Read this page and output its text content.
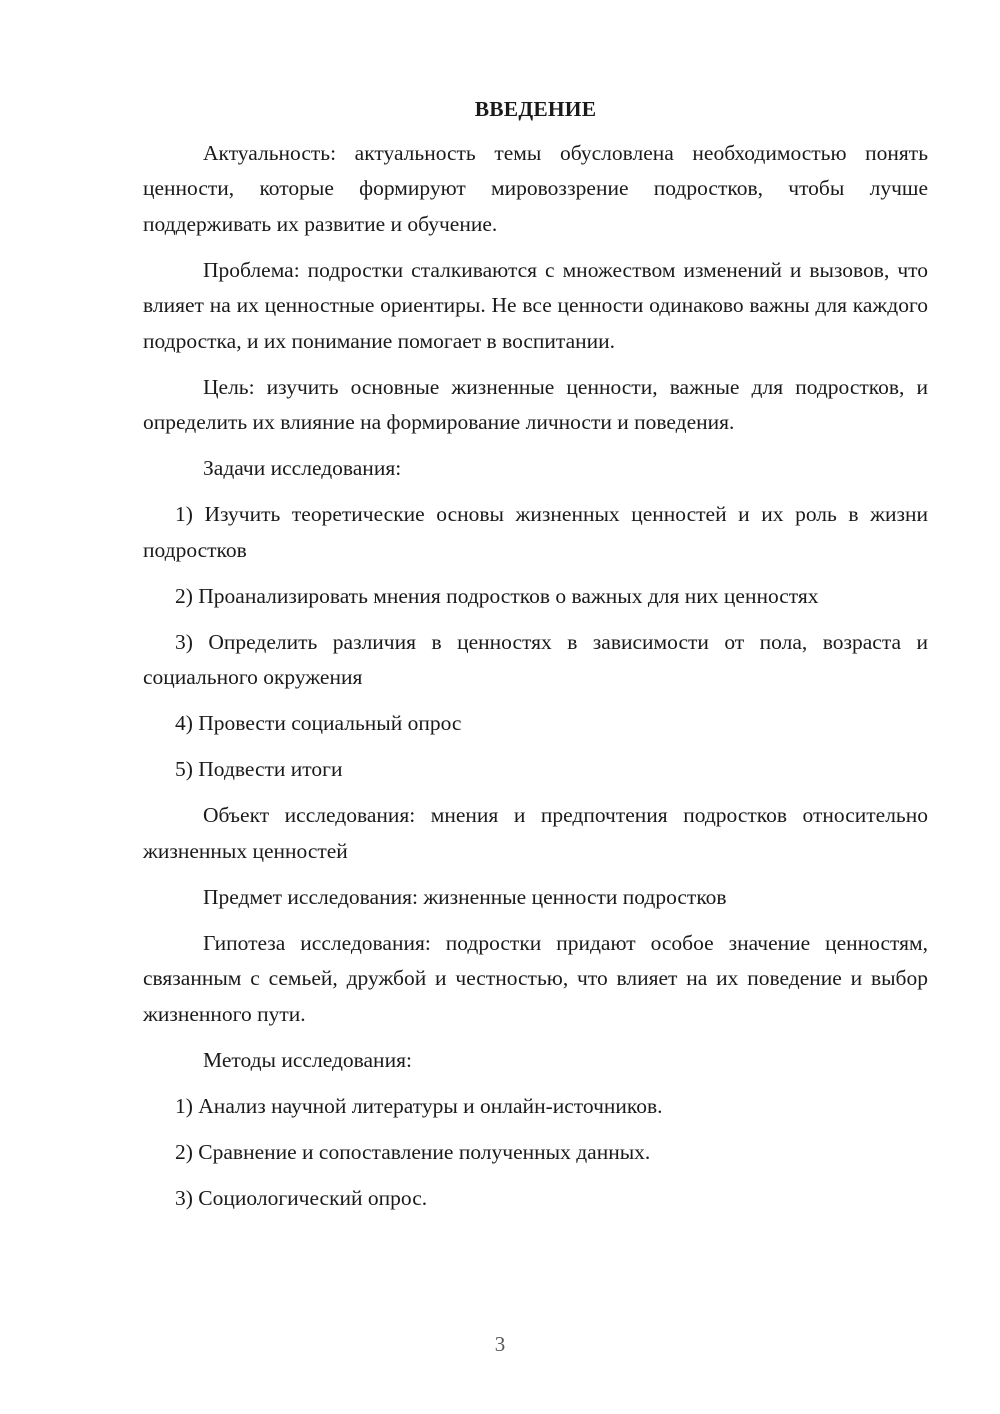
ВВЕДЕНИЕ
Актуальность: актуальность темы обусловлена необходимостью понять ценности, которые формируют мировоззрение подростков, чтобы лучше поддерживать их развитие и обучение.
Проблема: подростки сталкиваются с множеством изменений и вызовов, что влияет на их ценностные ориентиры. Не все ценности одинаково важны для каждого подростка, и их понимание помогает в воспитании.
Цель: изучить основные жизненные ценности, важные для подростков, и определить их влияние на формирование личности и поведения.
Задачи исследования:
1) Изучить теоретические основы жизненных ценностей и их роль в жизни подростков
2) Проанализировать мнения подростков о важных для них ценностях
3) Определить различия в ценностях в зависимости от пола, возраста и социального окружения
4) Провести социальный опрос
5) Подвести итоги
Объект исследования: мнения и предпочтения подростков относительно жизненных ценностей
Предмет исследования: жизненные ценности подростков
Гипотеза исследования: подростки придают особое значение ценностям, связанным с семьей, дружбой и честностью, что влияет на их поведение и выбор жизненного пути.
Методы исследования:
1) Анализ научной литературы и онлайн-источников.
2) Сравнение и сопоставление полученных данных.
3) Социологический опрос.
3
